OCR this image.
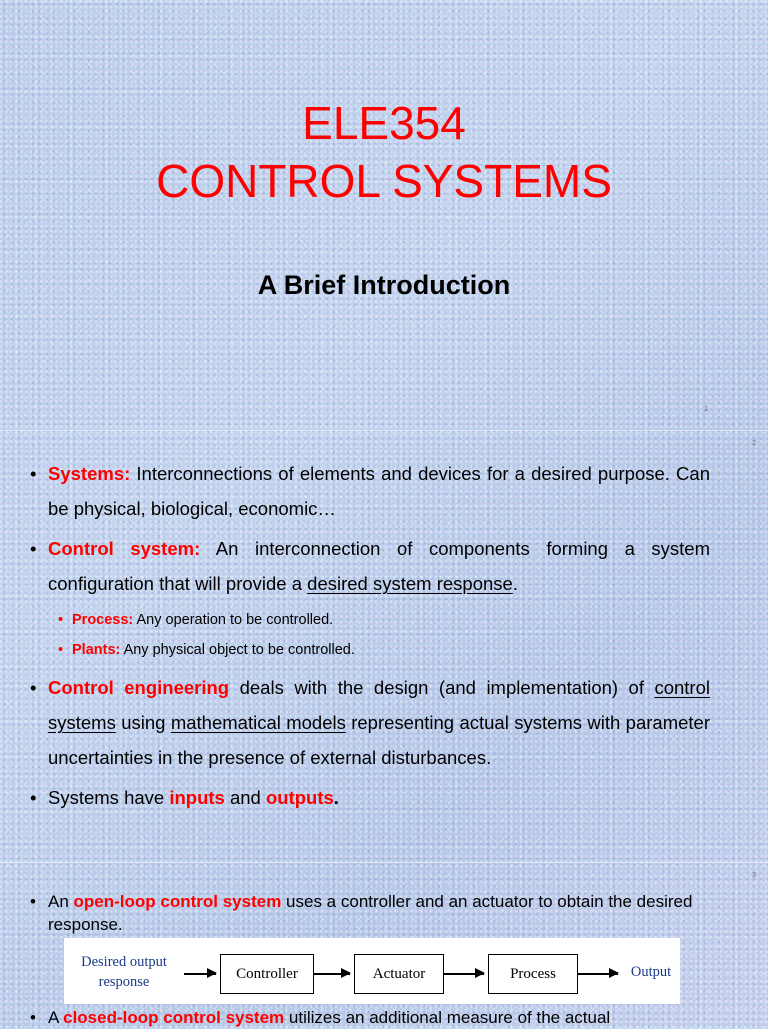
ELE354
CONTROL SYSTEMS
A Brief Introduction
1
2
• Systems: Interconnections of elements and devices for a desired purpose. Can be physical, biological, economic…
• Control system: An interconnection of components forming a system configuration that will provide a desired system response.
• Process: Any operation to be controlled.
• Plants: Any physical object to be controlled.
• Control engineering deals with the design (and implementation) of control systems using mathematical models representing actual systems with parameter uncertainties in the presence of external disturbances.
• Systems have inputs and outputs.
3
• An open-loop control system uses a controller and an actuator to obtain the desired response.
Desired output
response
Controller	Actuator	Process	Output
• A closed-loop control system utilizes an additional measure of the actual
